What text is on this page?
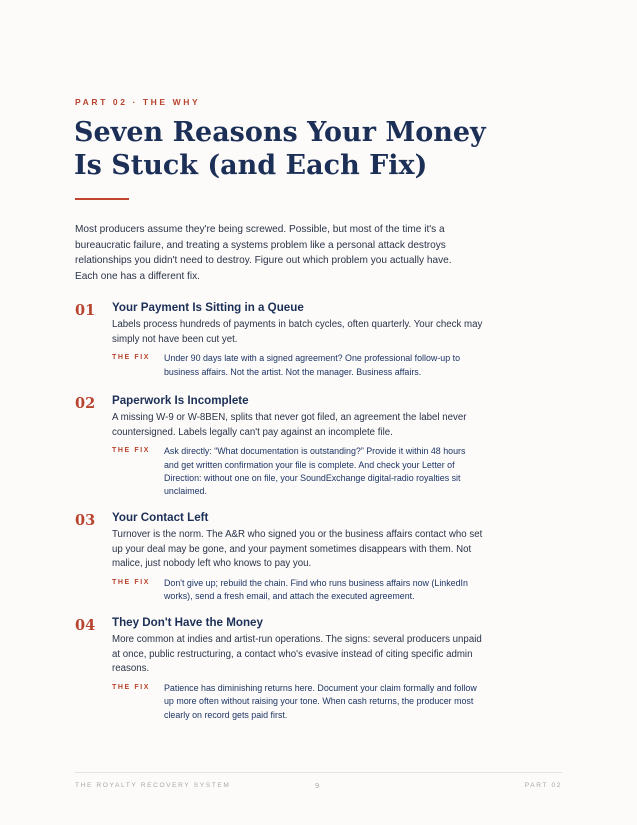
PART 02 · THE WHY
Seven Reasons Your Money
Is Stuck (and Each Fix)

Most producers assume they're being screwed. Possible, but most of the time it's a bureaucratic failure, and treating a systems problem like a personal attack destroys relationships you didn't need to destroy. Figure out which problem you actually have. Each one has a different fix.

01 Your Payment Is Sitting in a Queue
Labels process hundreds of payments in batch cycles, often quarterly. Your check may simply not have been cut yet.
THE FIX Under 90 days late with a signed agreement? One professional follow-up to business affairs. Not the artist. Not the manager. Business affairs.
02 Paperwork Is Incomplete
A missing W-9 or W-8BEN, splits that never got filed, an agreement the label never countersigned. Labels legally can't pay against an incomplete file.
THE FIX Ask directly: “What documentation is outstanding?” Provide it within 48 hours and get written confirmation your file is complete. And check your Letter of Direction: without one on file, your SoundExchange digital-radio royalties sit unclaimed.
03 Your Contact Left
Turnover is the norm. The A&R who signed you or the business affairs contact who set up your deal may be gone, and your payment sometimes disappears with them. Not malice, just nobody left who knows to pay you.
THE FIX Don't give up; rebuild the chain. Find who runs business affairs now (LinkedIn works), send a fresh email, and attach the executed agreement.
04 They Don't Have the Money
More common at indies and artist-run operations. The signs: several producers unpaid at once, public restructuring, a contact who's evasive instead of citing specific admin reasons.
THE FIX Patience has diminishing returns here. Document your claim formally and follow up more often without raising your tone. When cash returns, the producer most clearly on record gets paid first.
THE ROYALTY RECOVERY SYSTEM	9	PART 02
